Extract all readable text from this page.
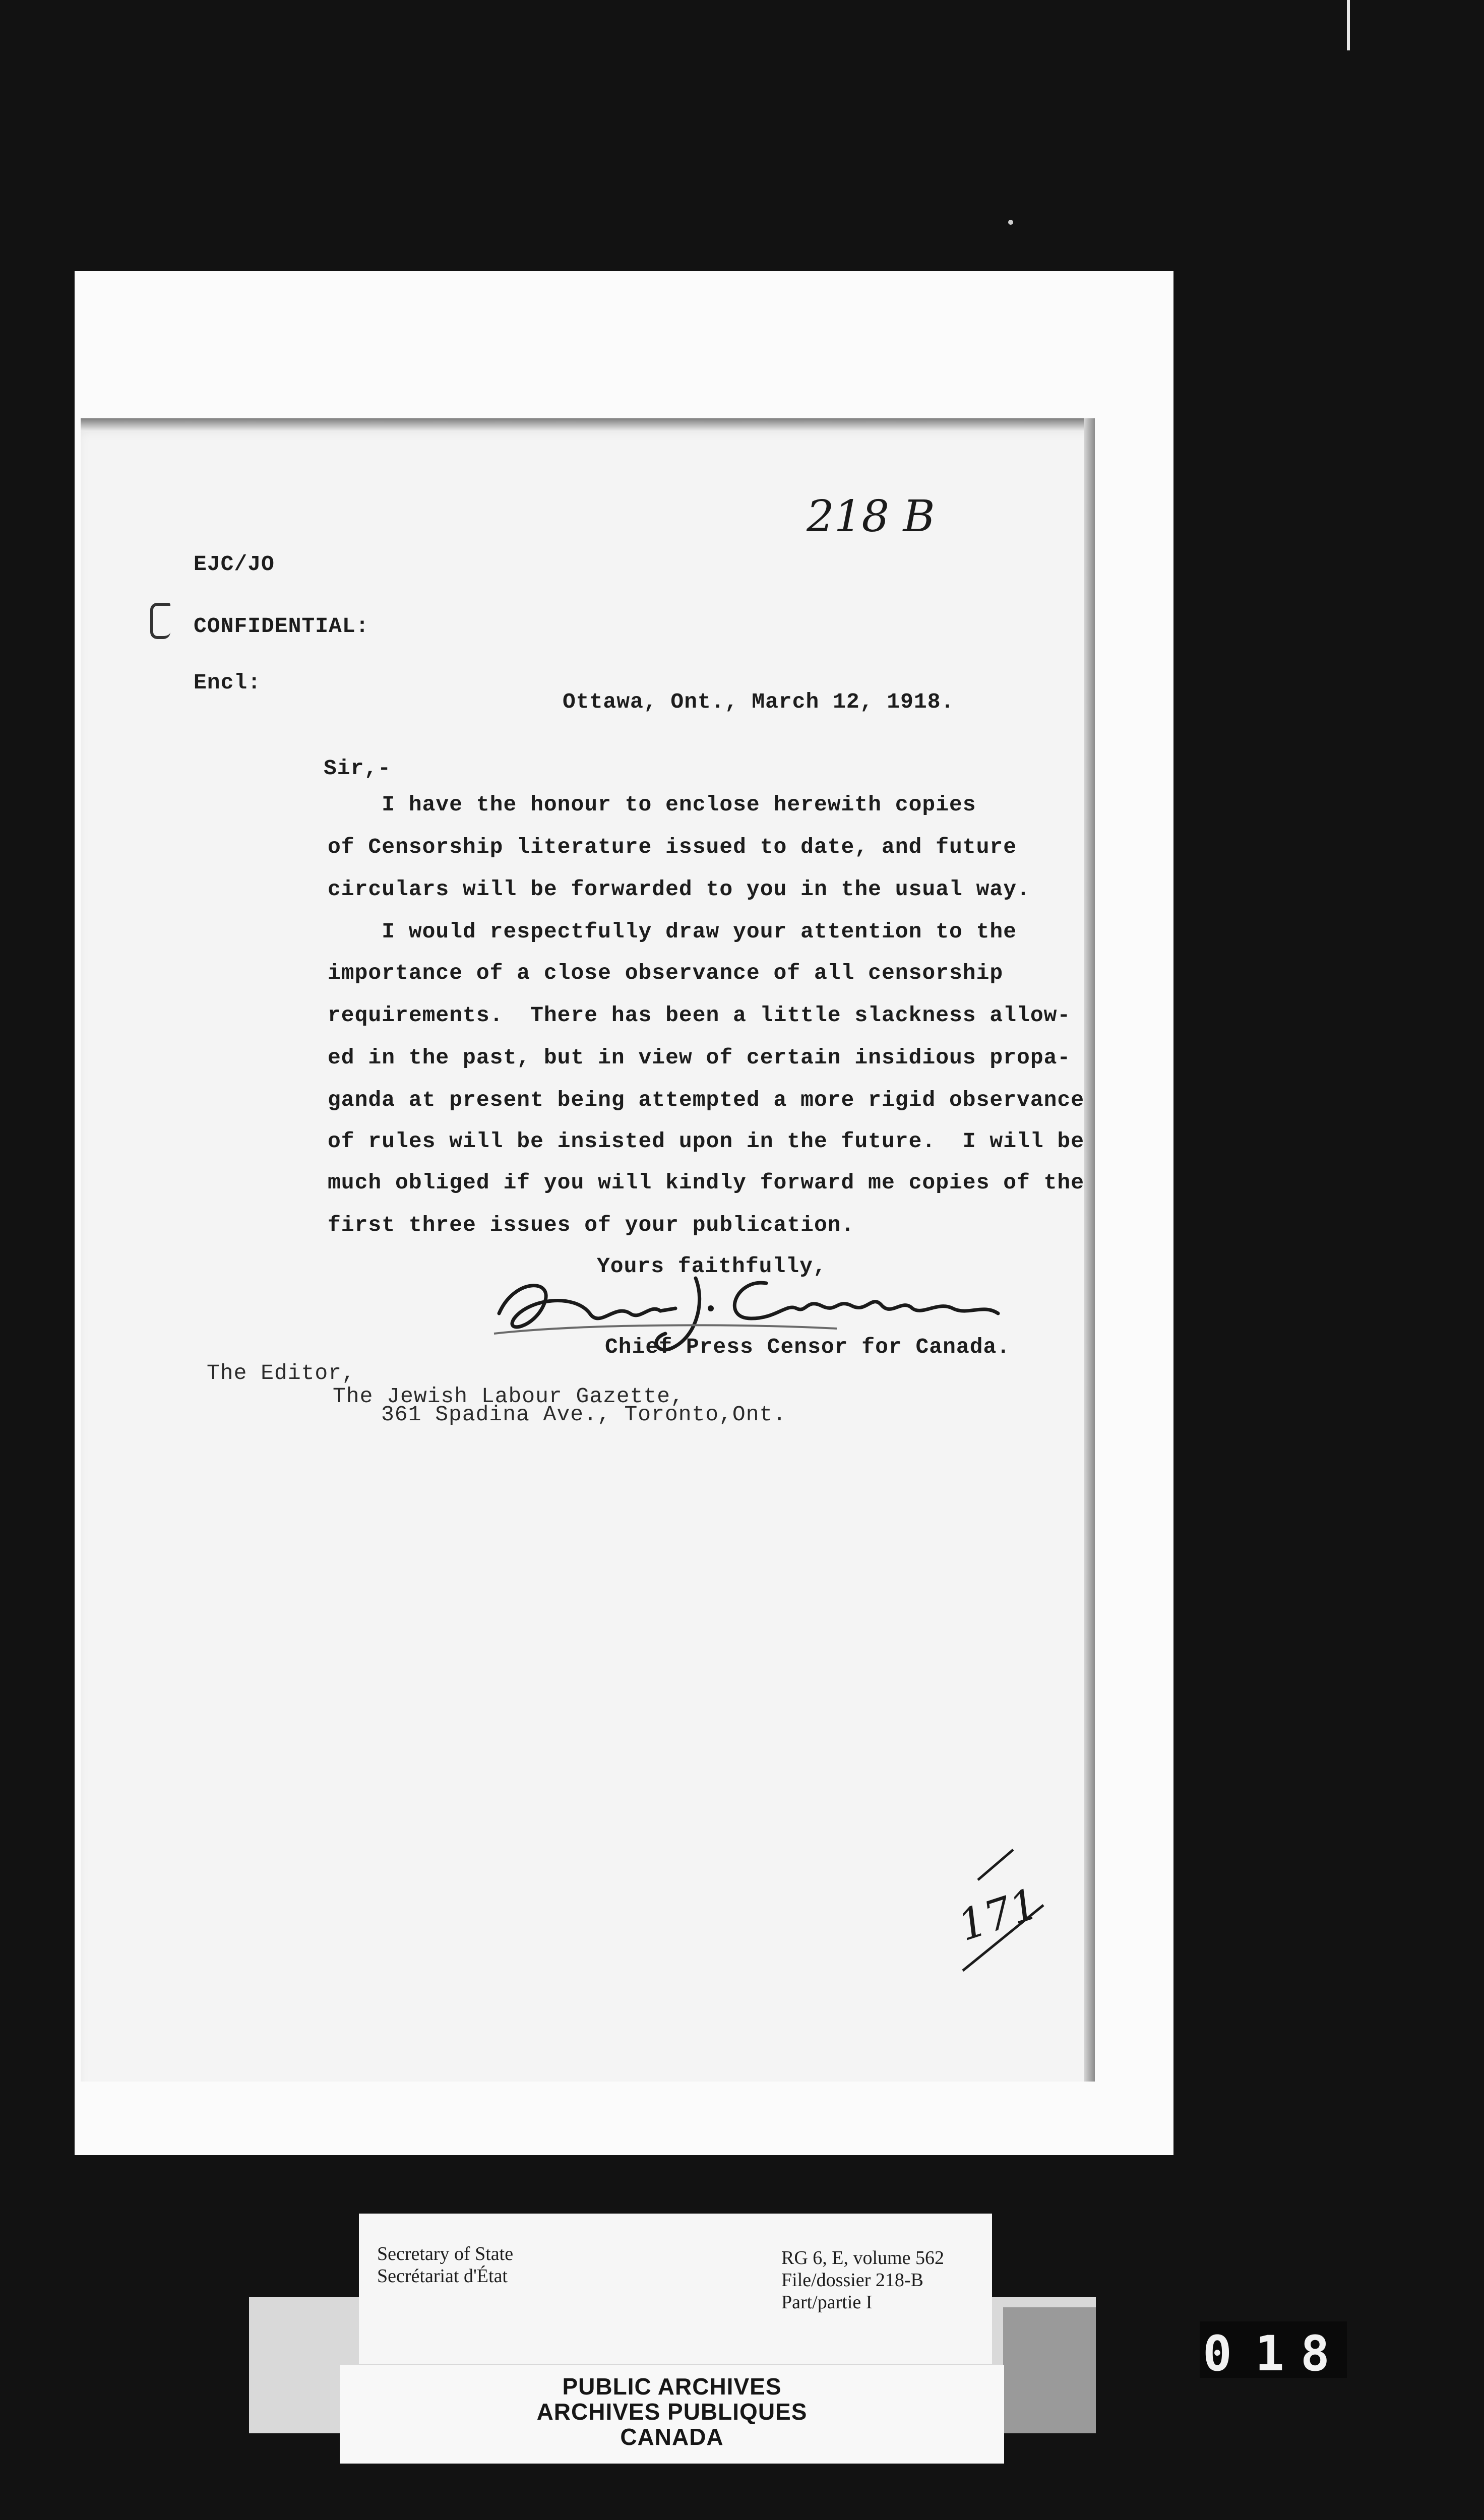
218 B
EJC/JO
CONFIDENTIAL:
Encl:
Ottawa, Ont., March 12, 1918.
Sir,-
I have the honour to enclose herewith copies
of Censorship literature issued to date, and future
circulars will be forwarded to you in the usual way.
I would respectfully draw your attention to the
importance of a close observance of all censorship
requirements.  There has been a little slackness allow-
ed in the past, but in view of certain insidious propa-
ganda at present being attempted a more rigid observance
of rules will be insisted upon in the future.  I will be
much obliged if you will kindly forward me copies of the
first three issues of your publication.
Yours faithfully,
Chief Press Censor for Canada.
The Editor,
The Jewish Labour Gazette,
361 Spadina Ave., Toronto,Ont.
171
Secretary of State
Secrétariat d'État
RG 6, E, volume 562
File/dossier 218-B
Part/partie I
PUBLIC ARCHIVES
ARCHIVES PUBLIQUES
CANADA
0 1 8
